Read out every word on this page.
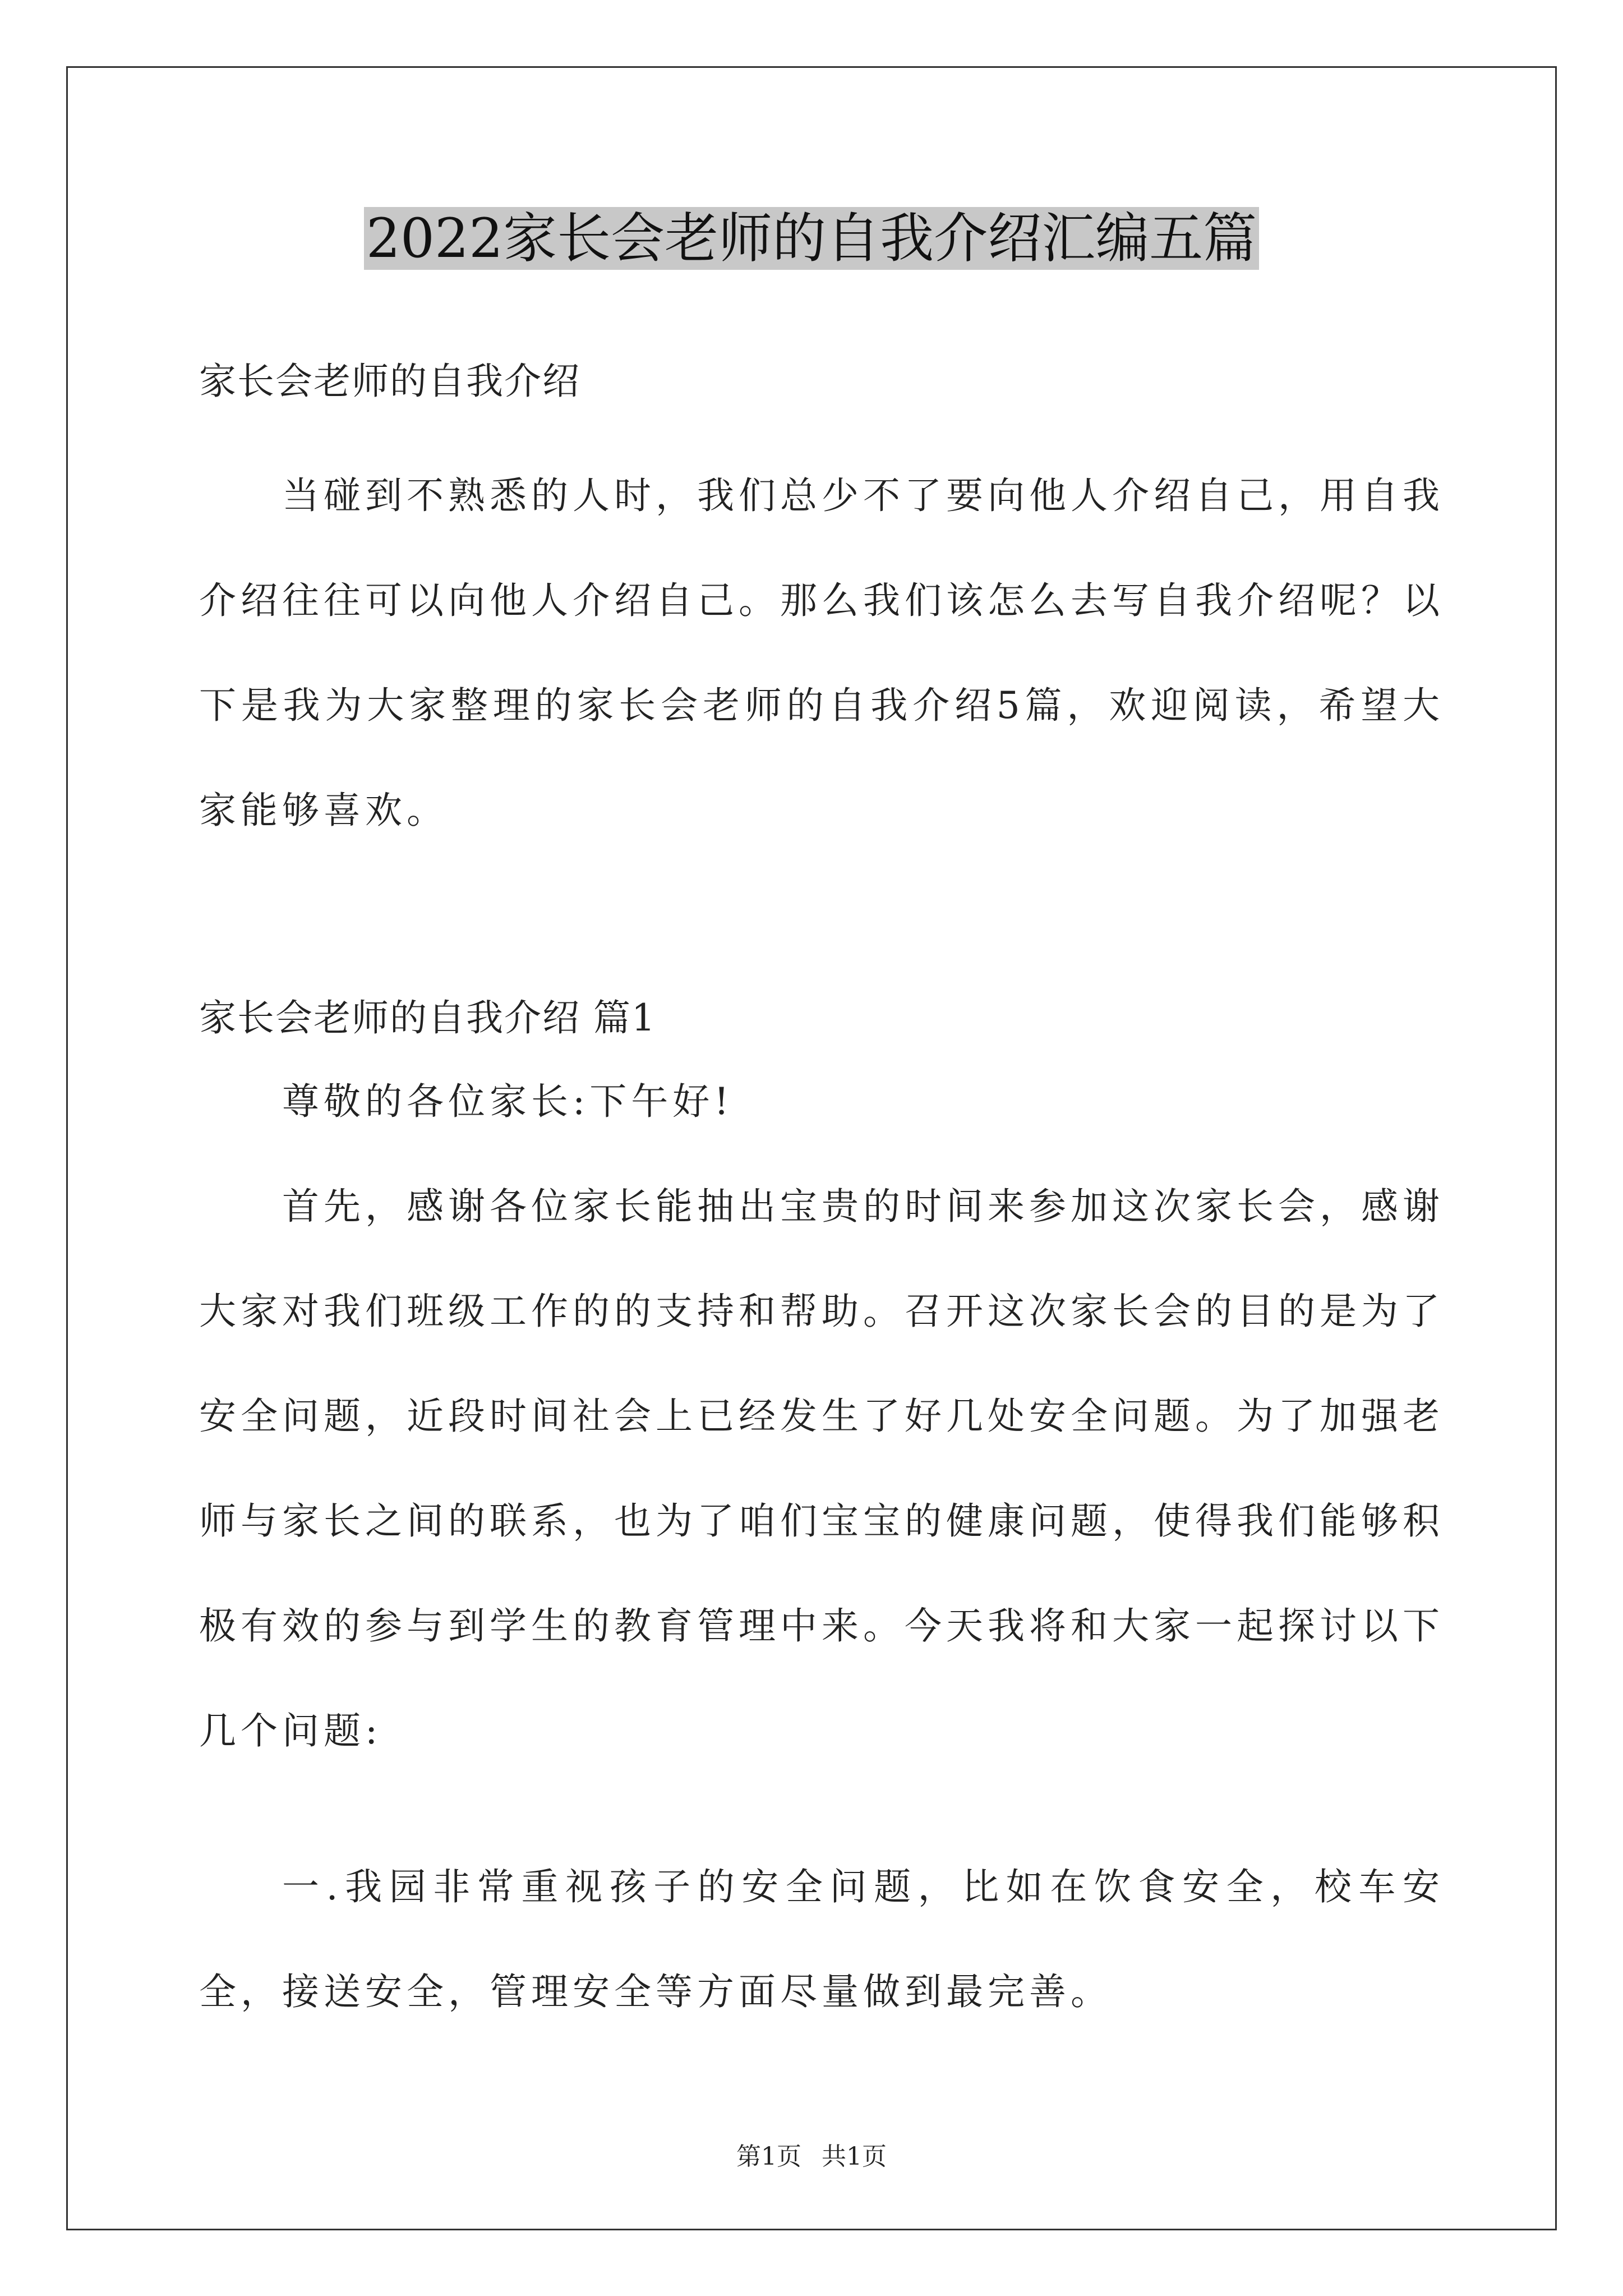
2022家长会老师的自我介绍汇编五篇

家长会老师的自我介绍

当碰到不熟悉的人时，我们总少不了要向他人介绍自己，用自我介绍往往可以向他人介绍自己。那么我们该怎么去写自我介绍呢？以下是我为大家整理的家长会老师的自我介绍5篇，欢迎阅读，希望大家能够喜欢。

家长会老师的自我介绍 篇1

尊敬的各位家长:下午好!

首先，感谢各位家长能抽出宝贵的时间来参加这次家长会，感谢大家对我们班级工作的的支持和帮助。召开这次家长会的目的是为了安全问题，近段时间社会上已经发生了好几处安全问题。为了加强老师与家长之间的联系，也为了咱们宝宝的健康问题，使得我们能够积极有效的参与到学生的教育管理中来。今天我将和大家一起探讨以下几个问题:

一.我园非常重视孩子的安全问题，比如在饮食安全，校车安全，接送安全，管理安全等方面尽量做到最完善。

第1页 共1页
